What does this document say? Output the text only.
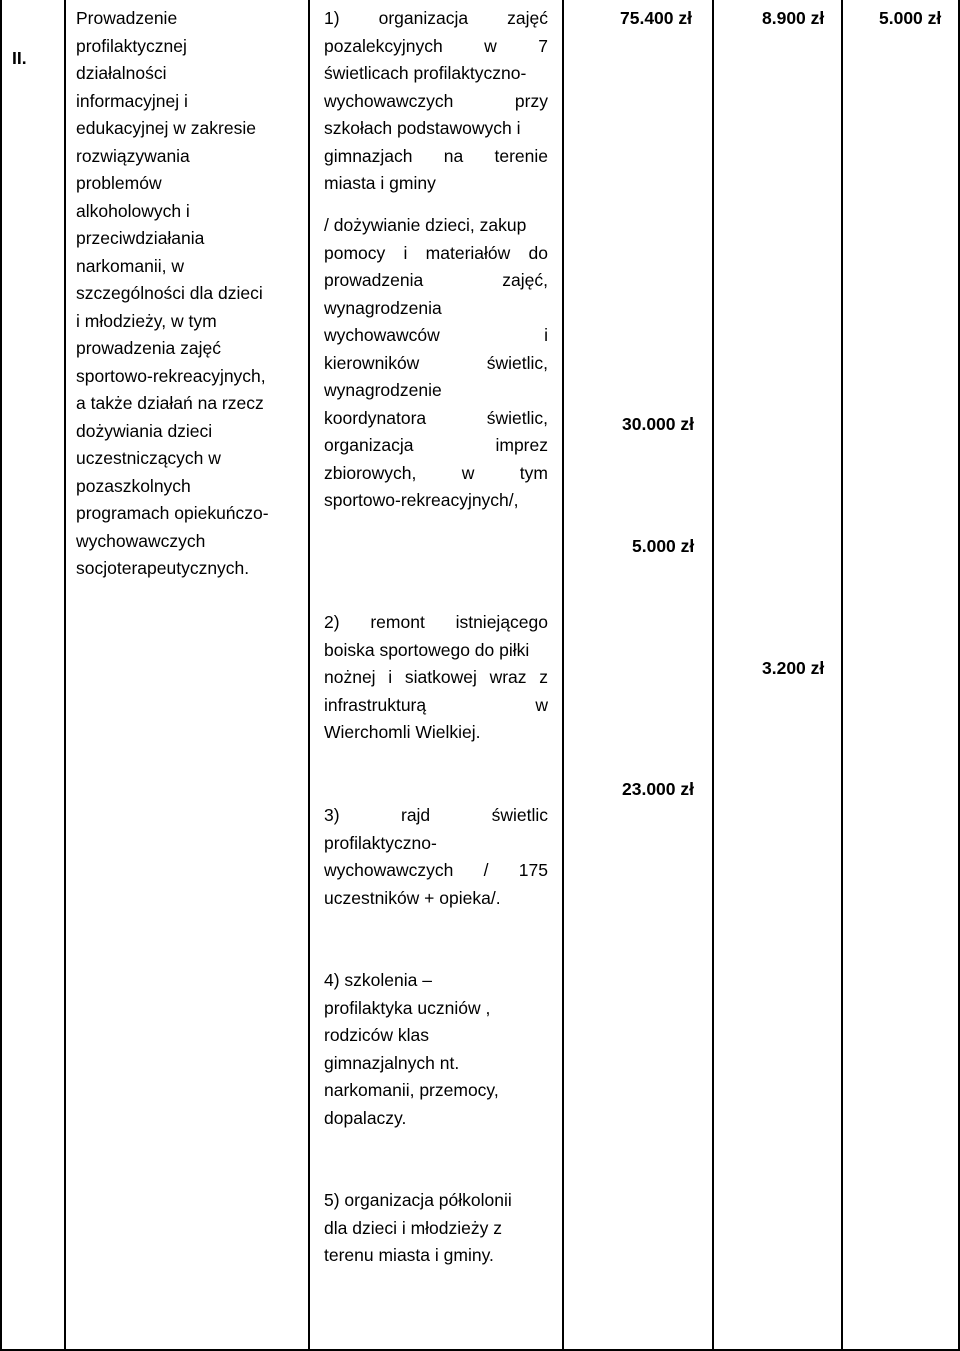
II.
Prowadzenie
profilaktycznej
działalności
informacyjnej i
edukacyjnej w zakresie
rozwiązywania
problemów
alkoholowych i
przeciwdziałania
narkomanii, w
szczególności dla dzieci
i młodzieży, w tym
prowadzenia zajęć
sportowo-rekreacyjnych,
a także działań na rzecz
dożywiania dzieci
uczestniczących w
pozaszkolnych
programach opiekuńczo-
wychowawczych
socjoterapeutycznych.
1) organizacja zajęć
pozalekcyjnych w 7
świetlicach profilaktyczno-
wychowawczych przy
szkołach podstawowych i
gimnazjach na terenie
miasta i gminy
/ dożywianie dzieci, zakup
pomocy i materiałów do
prowadzenia zajęć,
wynagrodzenia
wychowawców i
kierowników świetlic,
wynagrodzenie
koordynatora świetlic,
organizacja imprez
zbiorowych, w tym
sportowo-rekreacyjnych/,
2) remont istniejącego
boiska sportowego do piłki
nożnej i siatkowej wraz z
infrastrukturą w
Wierchomli Wielkiej.
3) rajd świetlic
profilaktyczno-
wychowawczych / 175
uczestników + opieka/.
4) szkolenia –
profilaktyka uczniów ,
rodziców klas
gimnazjalnych nt.
narkomanii, przemocy,
dopalaczy.
5) organizacja półkolonii
dla dzieci i młodzieży z
terenu miasta i gminy.
75.400 zł	8.900 zł	5.000 zł
30.000 zł
5.000 zł
3.200 zł
23.000 zł
